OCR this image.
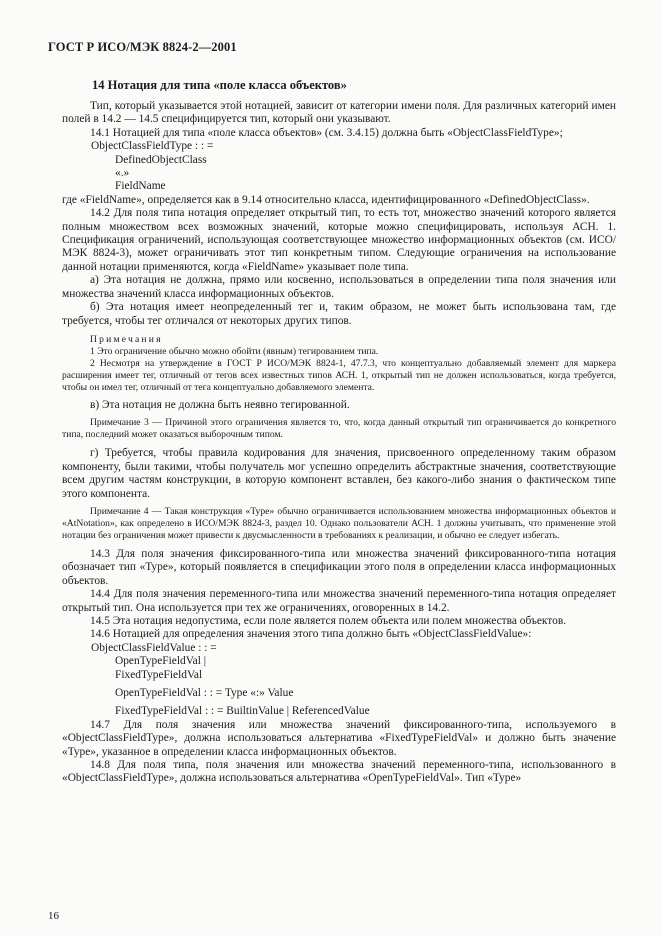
ГОСТ Р ИСО/МЭК 8824-2—2001
14 Нотация для типа «поле класса объектов»
Тип, который указывается этой нотацией, зависит от категории имени поля. Для различных категорий имен полей в 14.2 — 14.5 специфицируется тип, который они указывают.
14.1 Нотацией для типа «поле класса объектов» (см. 3.4.15) должна быть «ObjectClassFieldType»;
ObjectClassFieldType : : =
DefinedObjectClass
«.»
FieldName
где «FieldName», определяется как в 9.14 относительно класса, идентифицированного «DefinedObjectClass».
14.2 Для поля типа нотация определяет открытый тип, то есть тот, множество значений которого является полным множеством всех возможных значений, которые можно специфицировать, используя АСН. 1. Спецификация ограничений, использующая соответствующее множество информационных объектов (см. ИСО/МЭК 8824-3), может ограничивать этот тип конкретным типом. Следующие ограничения на использование данной нотации применяются, когда «FieldName» указывает поле типа.
а) Эта нотация не должна, прямо или косвенно, использоваться в определении типа поля значения или множества значений класса информационных объектов.
б) Эта нотация имеет неопределенный тег и, таким образом, не может быть использована там, где требуется, чтобы тег отличался от некоторых других типов.
Примечания
1 Это ограничение обычно можно обойти (явным) тегированием типа.
2 Несмотря на утверждение в ГОСТ Р ИСО/МЭК 8824-1, 47.7.3, что концептуально добавляемый элемент для маркера расширения имеет тег, отличный от тегов всех известных типов АСН. 1, открытый тип не должен использоваться, когда требуется, чтобы он имел тег, отличный от тега концептуально добавляемого элемента.
в) Эта нотация не должна быть неявно тегированной.
Примечание 3 — Причиной этого ограничения является то, что, когда данный открытый тип ограничивается до конкретного типа, последний может оказаться выборочным типом.
г) Требуется, чтобы правила кодирования для значения, присвоенного определенному таким образом компоненту, были такими, чтобы получатель мог успешно определить абстрактные значения, соответствующие всем другим частям конструкции, в которую компонент вставлен, без какого-либо знания о фактическом типе этого компонента.
Примечание 4 — Такая конструкция «Type» обычно ограничивается использованием множества информационных объектов и «AtNotation», как определено в ИСО/МЭК 8824-3, раздел 10. Однако пользователи АСН. 1 должны учитывать, что применение этой нотации без ограничения может привести к двусмысленности в требованиях к реализации, и обычно ее следует избегать.
14.3 Для поля значения фиксированного-типа или множества значений фиксированного-типа нотация обозначает тип «Type», который появляется в спецификации этого поля в определении класса информационных объектов.
14.4 Для поля значения переменного-типа или множества значений переменного-типа нотация определяет открытый тип. Она используется при тех же ограничениях, оговоренных в 14.2.
14.5 Эта нотация недопустима, если поле является полем объекта или полем множества объектов.
14.6 Нотацией для определения значения этого типа должно быть «ObjectClassFieldValue»:
ObjectClassFieldValue : : =
OpenTypeFieldVal |
FixedTypeFieldVal
OpenTypeFieldVal : : = Type «:» Value
FixedTypeFieldVal : : = BuiltinValue | ReferencedValue
14.7 Для поля значения или множества значений фиксированного-типа, используемого в «ObjectClassFieldType», должна использоваться альтернатива «FixedTypeFieldVal» и должно быть значение «Type», указанное в определении класса информационных объектов.
14.8 Для поля типа, поля значения или множества значений переменного-типа, использованного в «ObjectClassFieldType», должна использоваться альтернатива «OpenTypeFieldVal». Тип «Type»
16
